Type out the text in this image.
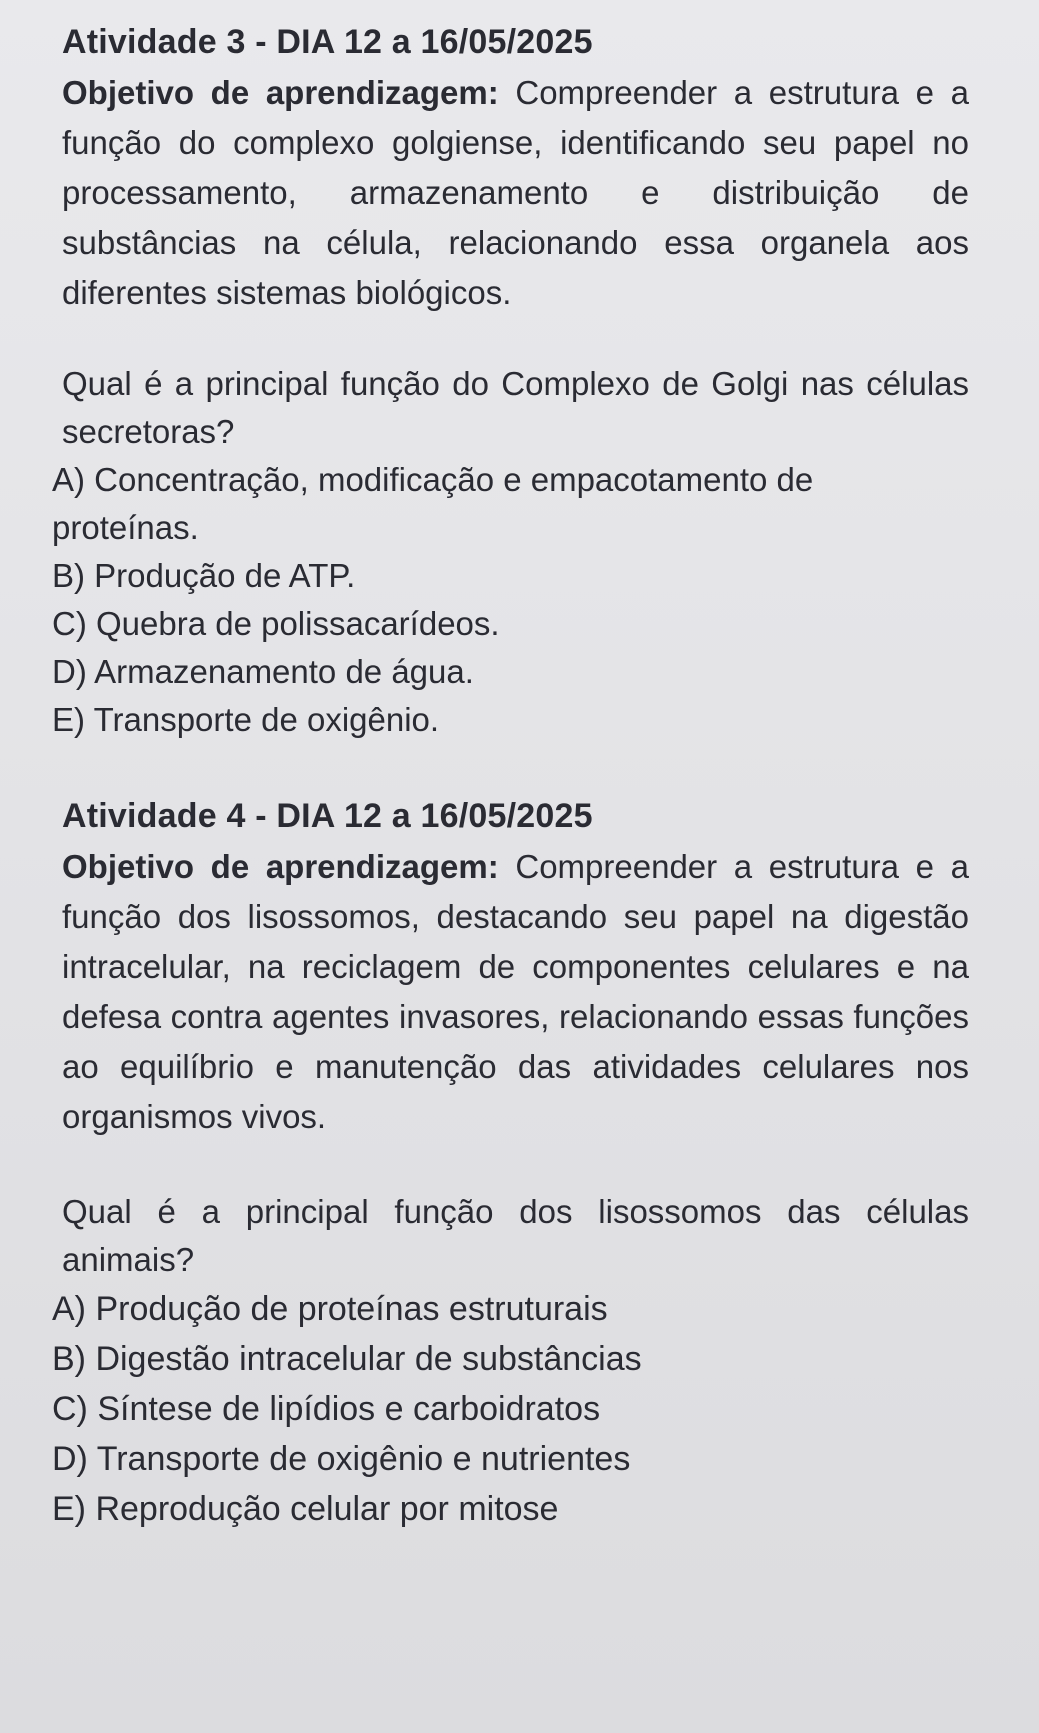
Atividade 3 - DIA 12 a 16/05/2025

Objetivo de aprendizagem: Compreender a estrutura e a função do complexo golgiense, identificando seu papel no processamento, armazenamento e distribuição de substâncias na célula, relacionando essa organela aos diferentes sistemas biológicos.

Qual é a principal função do Complexo de Golgi nas células secretoras?

A) Concentração, modificação e empacotamento de proteínas.
B) Produção de ATP.
C) Quebra de polissacarídeos.
D) Armazenamento de água.
E) Transporte de oxigênio.
Atividade 4 - DIA 12 a 16/05/2025

Objetivo de aprendizagem: Compreender a estrutura e a função dos lisossomos, destacando seu papel na digestão intracelular, na reciclagem de componentes celulares e na defesa contra agentes invasores, relacionando essas funções ao equilíbrio e manutenção das atividades celulares nos organismos vivos.

Qual é a principal função dos lisossomos das células animais?

A) Produção de proteínas estruturais
B) Digestão intracelular de substâncias
C) Síntese de lipídios e carboidratos
D) Transporte de oxigênio e nutrientes
E) Reprodução celular por mitose
